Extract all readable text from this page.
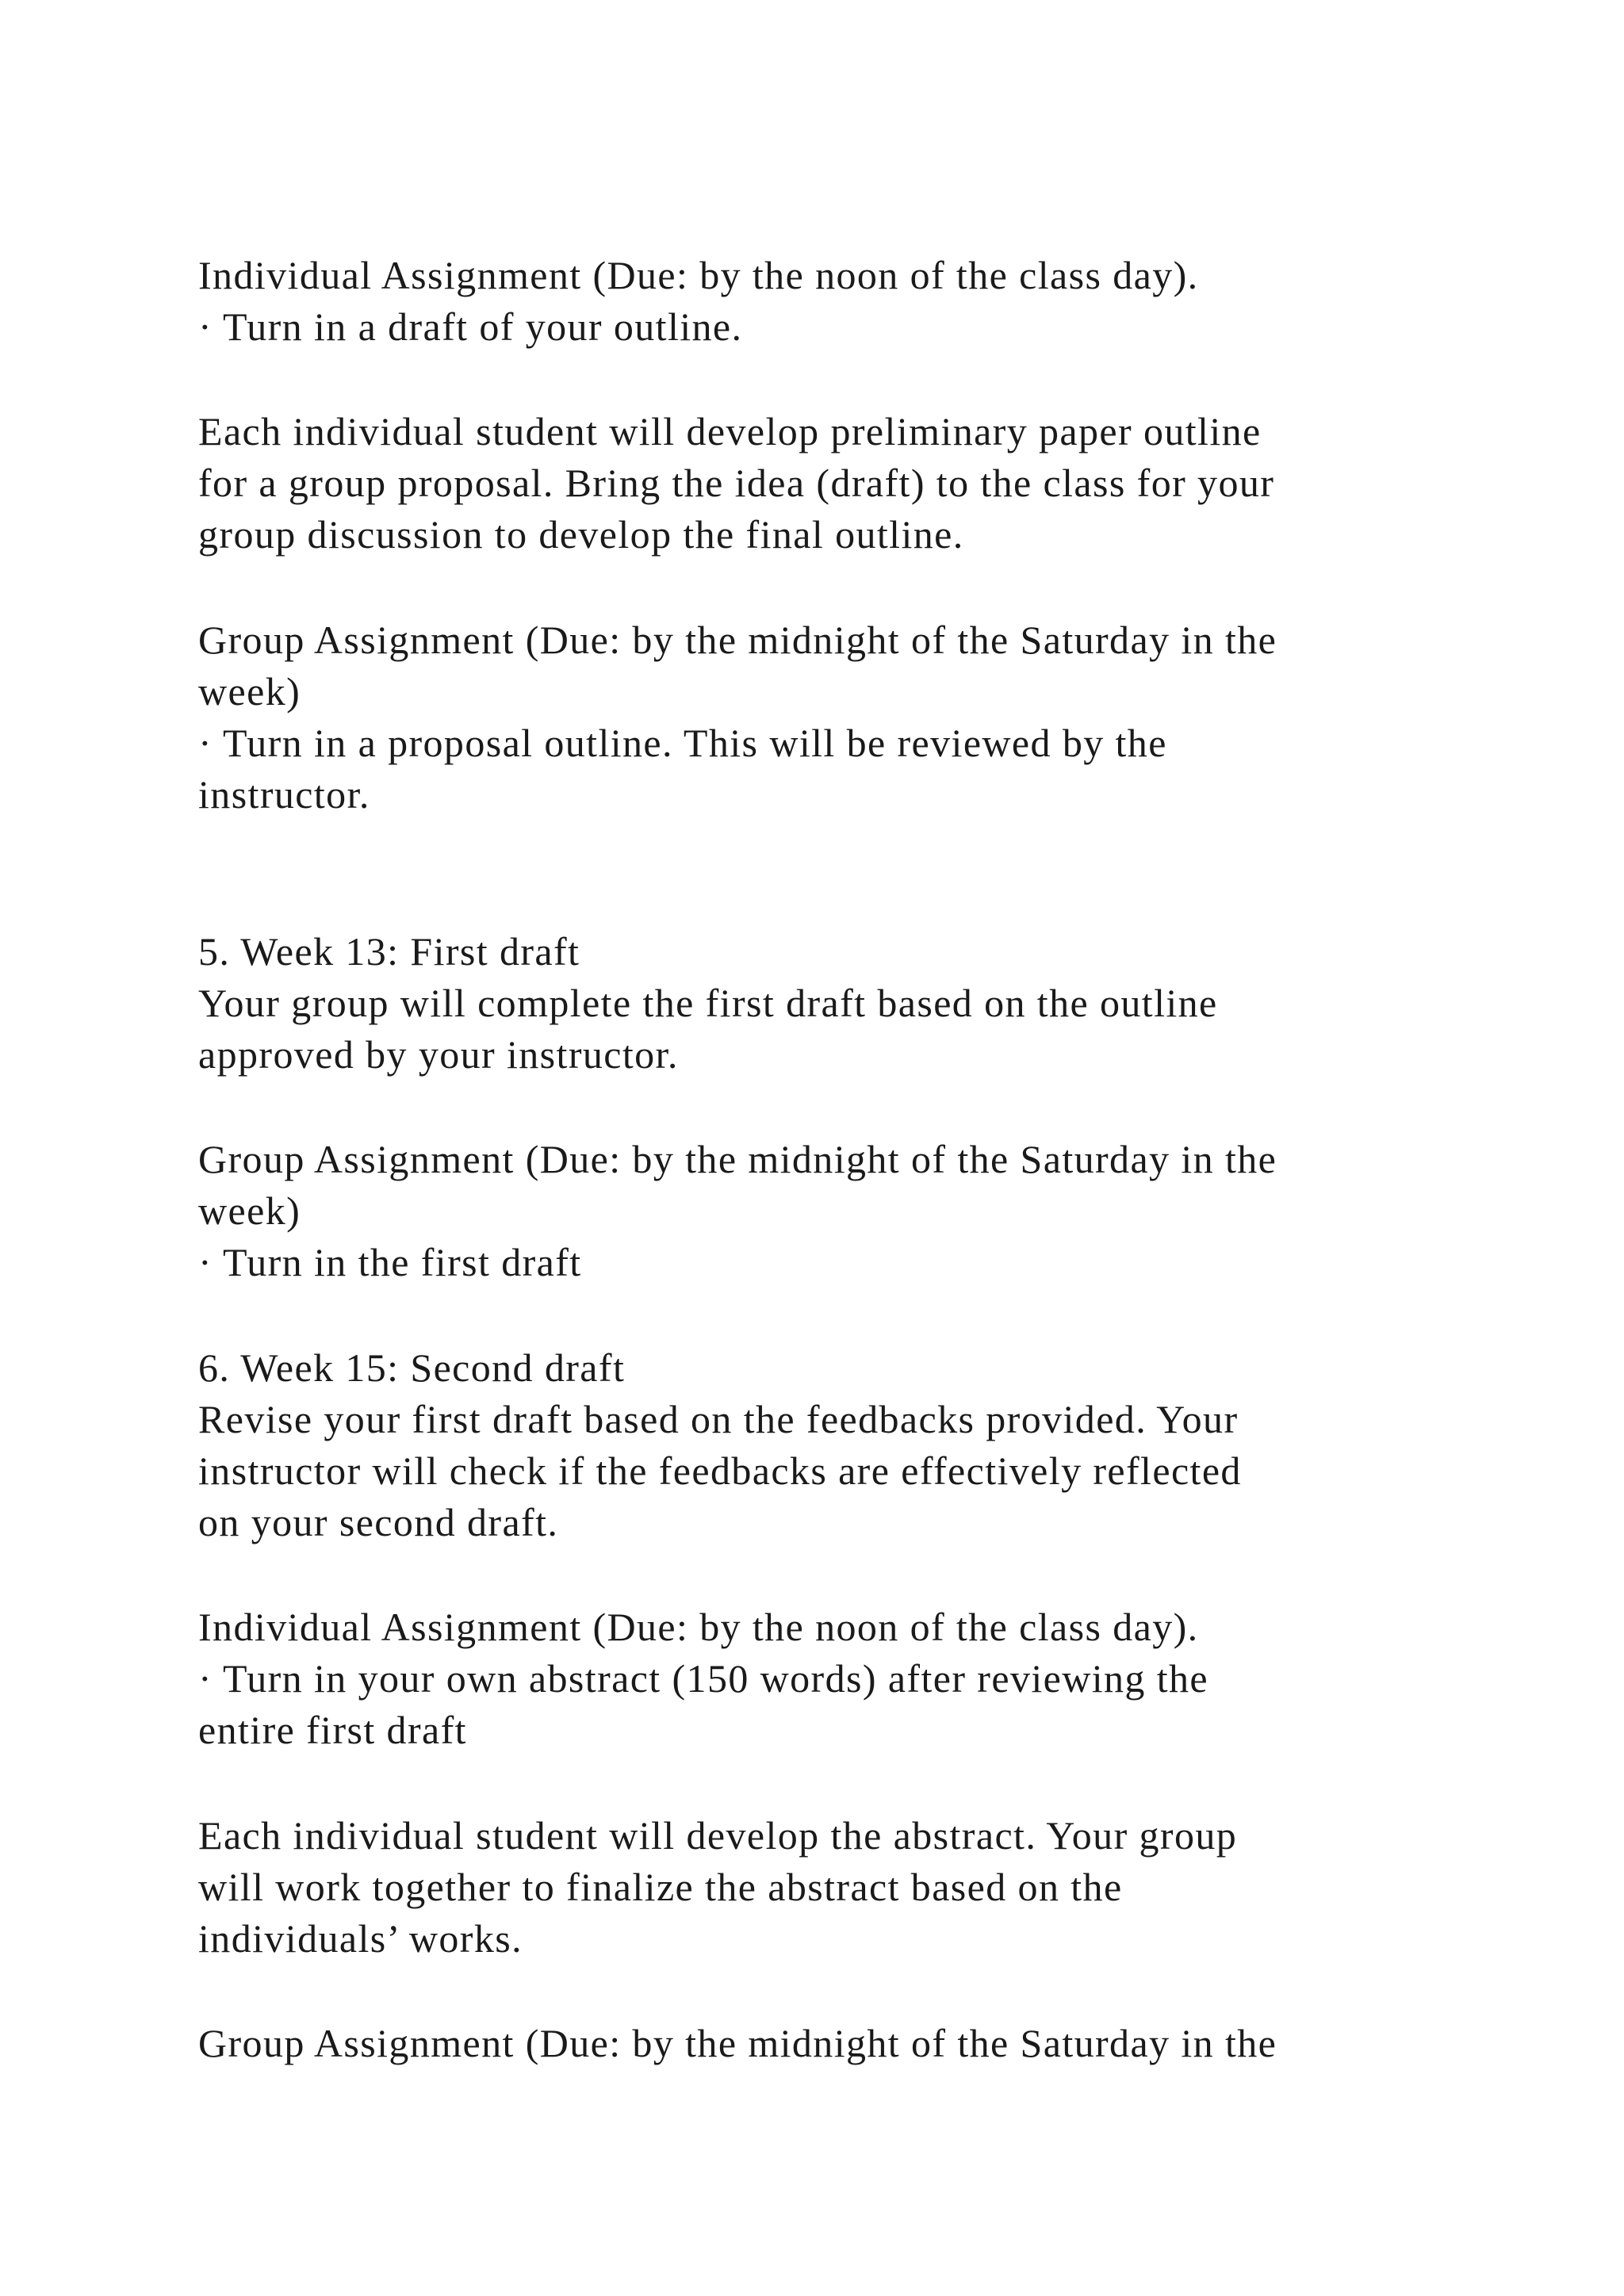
Individual Assignment (Due: by the noon of the class day).
· Turn in a draft of your outline.
Each individual student will develop preliminary paper outline
for a group proposal. Bring the idea (draft) to the class for your
group discussion to develop the final outline.
Group Assignment (Due: by the midnight of the Saturday in the
week)
· Turn in a proposal outline. This will be reviewed by the
instructor.
5. Week 13: First draft
Your group will complete the first draft based on the outline
approved by your instructor.
Group Assignment (Due: by the midnight of the Saturday in the
week)
· Turn in the first draft
6. Week 15: Second draft
Revise your first draft based on the feedbacks provided. Your
instructor will check if the feedbacks are effectively reflected
on your second draft.
Individual Assignment (Due: by the noon of the class day).
· Turn in your own abstract (150 words) after reviewing the
entire first draft
Each individual student will develop the abstract. Your group
will work together to finalize the abstract based on the
individuals’ works.
Group Assignment (Due: by the midnight of the Saturday in the
